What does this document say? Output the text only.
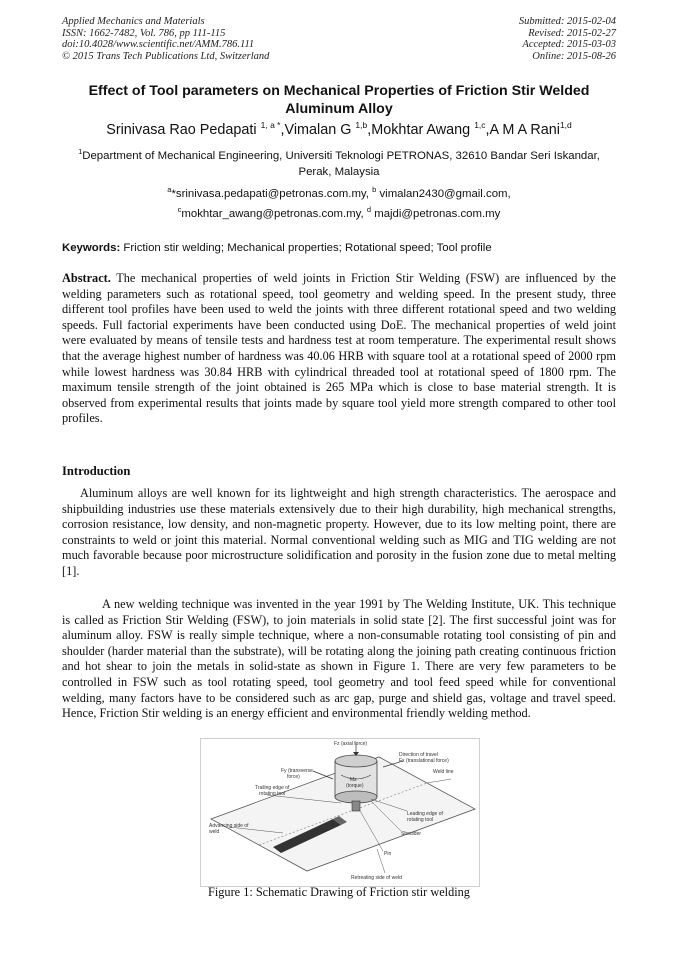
Applied Mechanics and Materials
ISSN: 1662-7482, Vol. 786, pp 111-115
doi:10.4028/www.scientific.net/AMM.786.111
© 2015 Trans Tech Publications Ltd, Switzerland
Submitted: 2015-02-04
Revised: 2015-02-27
Accepted: 2015-03-03
Online: 2015-08-26
Effect of Tool parameters on Mechanical Properties of Friction Stir Welded Aluminum Alloy
Srinivasa Rao Pedapati $^{1, a *}$,Vimalan G $^{1,b}$,Mokhtar Awang $^{1,c}$,A M A Rani$^{1,d}$
$^1$Department of Mechanical Engineering, Universiti Teknologi PETRONAS, 32610 Bandar Seri Iskandar, Perak, Malaysia
$^a$*srinivasa.pedapati@petronas.com.my, $^b$ vimalan2430@gmail.com,
$^c$mokhtar_awang@petronas.com.my, $^d$ majdi@petronas.com.my
Keywords: Friction stir welding; Mechanical properties; Rotational speed; Tool profile
Abstract. The mechanical properties of weld joints in Friction Stir Welding (FSW) are influenced by the welding parameters such as rotational speed, tool geometry and welding speed. In the present study, three different tool profiles have been used to weld the joints with three different rotational speed and two welding speeds. Full factorial experiments have been conducted using DoE. The mechanical properties of weld joint were evaluated by means of tensile tests and hardness test at room temperature. The experimental result shows that the average highest number of hardness was 40.06 HRB with square tool at a rotational speed of 2000 rpm while lowest hardness was 30.84 HRB with cylindrical threaded tool at rotational speed of 1800 rpm. The maximum tensile strength of the joint obtained is 265 MPa which is close to base material strength. It is observed from experimental results that joints made by square tool yield more strength compared to other tool profiles.
Introduction
Aluminum alloys are well known for its lightweight and high strength characteristics. The aerospace and shipbuilding industries use these materials extensively due to their high durability, high mechanical strengths, corrosion resistance, low density, and non-magnetic property. However, due to its low melting point, there are constraints to weld or joint this material. Normal conventional welding such as MIG and TIG welding are not much favorable because poor microstructure solidification and porosity in the fusion zone due to metal melting [1].
A new welding technique was invented in the year 1991 by The Welding Institute, UK. This technique is called as Friction Stir Welding (FSW), to join materials in solid state [2]. The first successful joint was for aluminum alloy. FSW is really simple technique, where a non-consumable rotating tool consisting of pin and shoulder (harder material than the substrate), will be rotating along the joining path creating continuous friction and hot shear to join the metals in solid-state as shown in Figure 1. There are very few parameters to be controlled in FSW such as tool rotating speed, tool geometry and tool feed speed while for conventional welding, many factors have to be considered such as arc gap, purge and shield gas, voltage and travel speed. Hence, Friction Stir welding is an energy efficient and environmental friendly welding method.
Fz (axial force)
Direction of travel
Fx (translational force)
Weld line
Mz
(torque)
Fy (transverse
force)
Trailing edge of
rotating tool
Leading edge of
rotating tool
Advancing side of
weld	Shoulder
Pin
Retreating side of weld
Figure 1: Schematic Drawing of Friction stir welding
